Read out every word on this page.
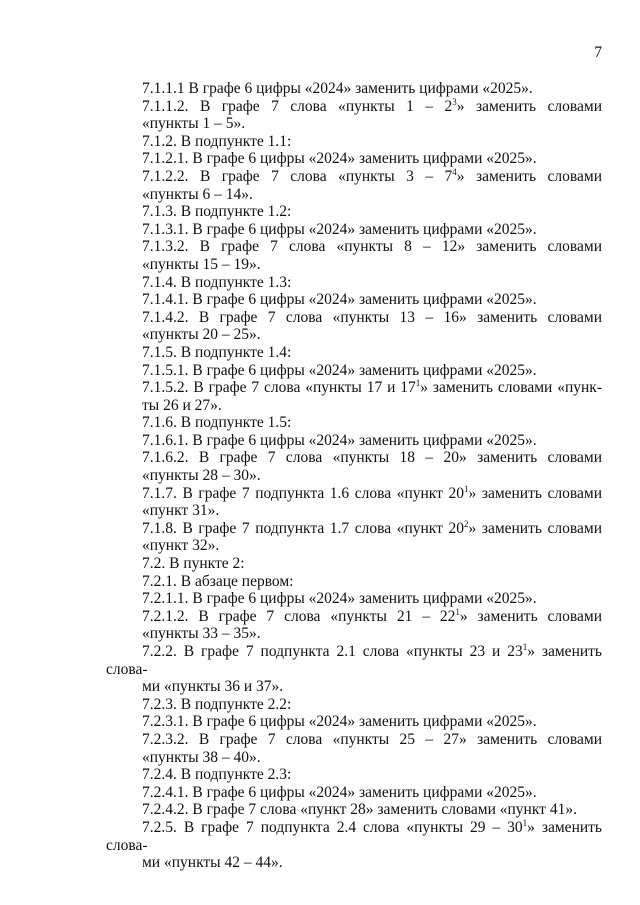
7

7.1.1.1 В графе 6 цифры «2024» заменить цифрами «2025».

7.1.1.2. В графе 7 слова «пункты $1 - 2^3$» заменить словами

«пункты 1 – 5».

7.1.2. В подпункте 1.1:

7.1.2.1. В графе 6 цифры «2024» заменить цифрами «2025».

7.1.2.2. В графе 7 слова «пункты $3 - 7^4$» заменить словами

«пункты 6 – 14».

7.1.3. В подпункте 1.2:

7.1.3.1. В графе 6 цифры «2024» заменить цифрами «2025».

7.1.3.2. В графе 7 слова «пункты 8 – 12» заменить словами

«пункты 15 – 19».

7.1.4. В подпункте 1.3:

7.1.4.1. В графе 6 цифры «2024» заменить цифрами «2025».

7.1.4.2. В графе 7 слова «пункты 13 – 16» заменить словами

«пункты 20 – 25».

7.1.5. В подпункте 1.4:

7.1.5.1. В графе 6 цифры «2024» заменить цифрами «2025».

7.1.5.2. В графе 7 слова «пункты 17 и $17^1$» заменить словами «пунк-

ты 26 и 27».

7.1.6. В подпункте 1.5:

7.1.6.1. В графе 6 цифры «2024» заменить цифрами «2025».

7.1.6.2. В графе 7 слова «пункты 18 – 20» заменить словами

«пункты 28 – 30».

7.1.7. В графе 7 подпункта 1.6 слова «пункт $20^1$» заменить словами

«пункт 31».

7.1.8. В графе 7 подпункта 1.7 слова «пункт $20^2$» заменить словами

«пункт 32».

7.2. В пункте 2:

7.2.1. В абзаце первом:

7.2.1.1. В графе 6 цифры «2024» заменить цифрами «2025».

7.2.1.2. В графе 7 слова «пункты $21 - 22^1$» заменить словами

«пункты 33 – 35».

7.2.2. В графе 7 подпункта 2.1 слова «пункты 23 и $23^1$» заменить слова-

ми «пункты 36 и 37».

7.2.3. В подпункте 2.2:

7.2.3.1. В графе 6 цифры «2024» заменить цифрами «2025».

7.2.3.2. В графе 7 слова «пункты 25 – 27» заменить словами

«пункты 38 – 40».

7.2.4. В подпункте 2.3:

7.2.4.1. В графе 6 цифры «2024» заменить цифрами «2025».

7.2.4.2. В графе 7 слова «пункт 28» заменить словами «пункт 41».

7.2.5. В графе 7 подпункта 2.4 слова «пункты $29 - 30^1$» заменить слова-

ми «пункты 42 – 44».
